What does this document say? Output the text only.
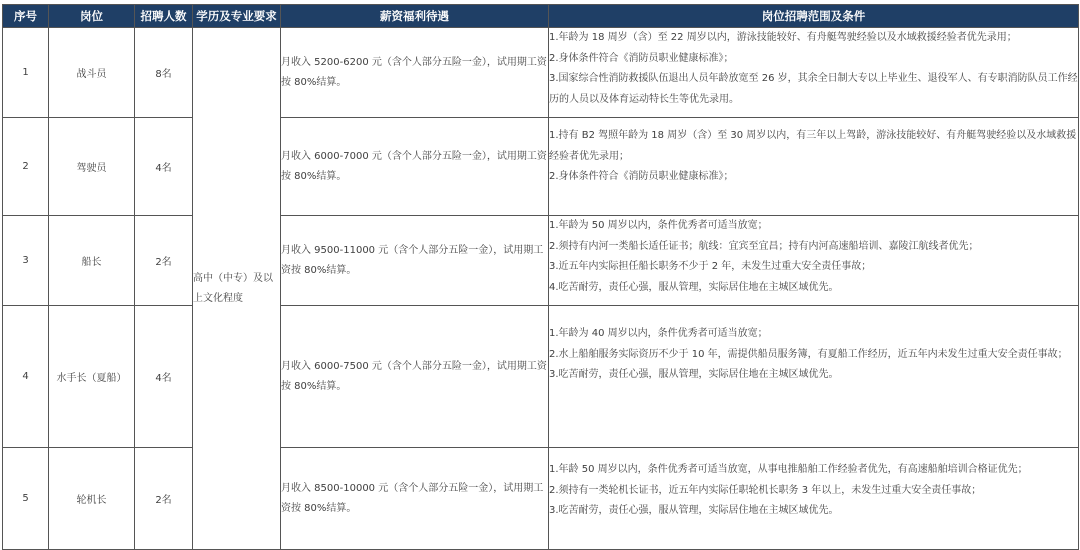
序号	岗位	招聘人数	学历及专业要求	薪资福利待遇	岗位招聘范围及条件
1	战斗员	8名	高中（中专）及以上文化程度	月收入 5200-6200 元（含个人部分五险一金），试用期工资按 80%结算。	1.年龄为 18 周岁（含）至 22 周岁以内，游泳技能较好、有舟艇驾驶经验以及水域救援经验者优先录用；

2.身体条件符合《消防员职业健康标准》；

3.国家综合性消防救援队伍退出人员年龄放宽至 26 岁，其余全日制大专以上毕业生、退役军人、有专职消防队员工作经历的人员以及体育运动特长生等优先录用。

2	驾驶员	4名		月收入 6000-7000 元（含个人部分五险一金），试用期工资按 80%结算。	1.持有 B2 驾照年龄为 18 周岁（含）至 30 周岁以内，有三年以上驾龄，游泳技能较好、有舟艇驾驶经验以及水域救援经验者优先录用；

2.身体条件符合《消防员职业健康标准》；

3	船长	2名		月收入 9500-11000 元（含个人部分五险一金），试用期工资按 80%结算。	1.年龄为 50 周岁以内，条件优秀者可适当放宽；

2.须持有内河一类船长适任证书；航线：宜宾至宜昌；持有内河高速船培训、嘉陵江航线者优先；

3.近五年内实际担任船长职务不少于 2 年，未发生过重大安全责任事故；

4.吃苦耐劳，责任心强，服从管理，实际居住地在主城区域优先。

4	水手长（夏船）	4名		月收入 6000-7500 元（含个人部分五险一金），试用期工资按 80%结算。	1.年龄为 40 周岁以内，条件优秀者可适当放宽；

2.水上船舶服务实际资历不少于 10 年，需提供船员服务簿，有夏船工作经历，近五年内未发生过重大安全责任事故；

3.吃苦耐劳，责任心强，服从管理，实际居住地在主城区域优先。

5	轮机长	2名		月收入 8500-10000 元（含个人部分五险一金），试用期工资按 80%结算。	1.年龄 50 周岁以内，条件优秀者可适当放宽，从事电推船舶工作经验者优先，有高速船舶培训合格证优先；

2.须持有一类轮机长证书，近五年内实际任职轮机长职务 3 年以上，未发生过重大安全责任事故；

3.吃苦耐劳，责任心强，服从管理，实际居住地在主城区域优先。
